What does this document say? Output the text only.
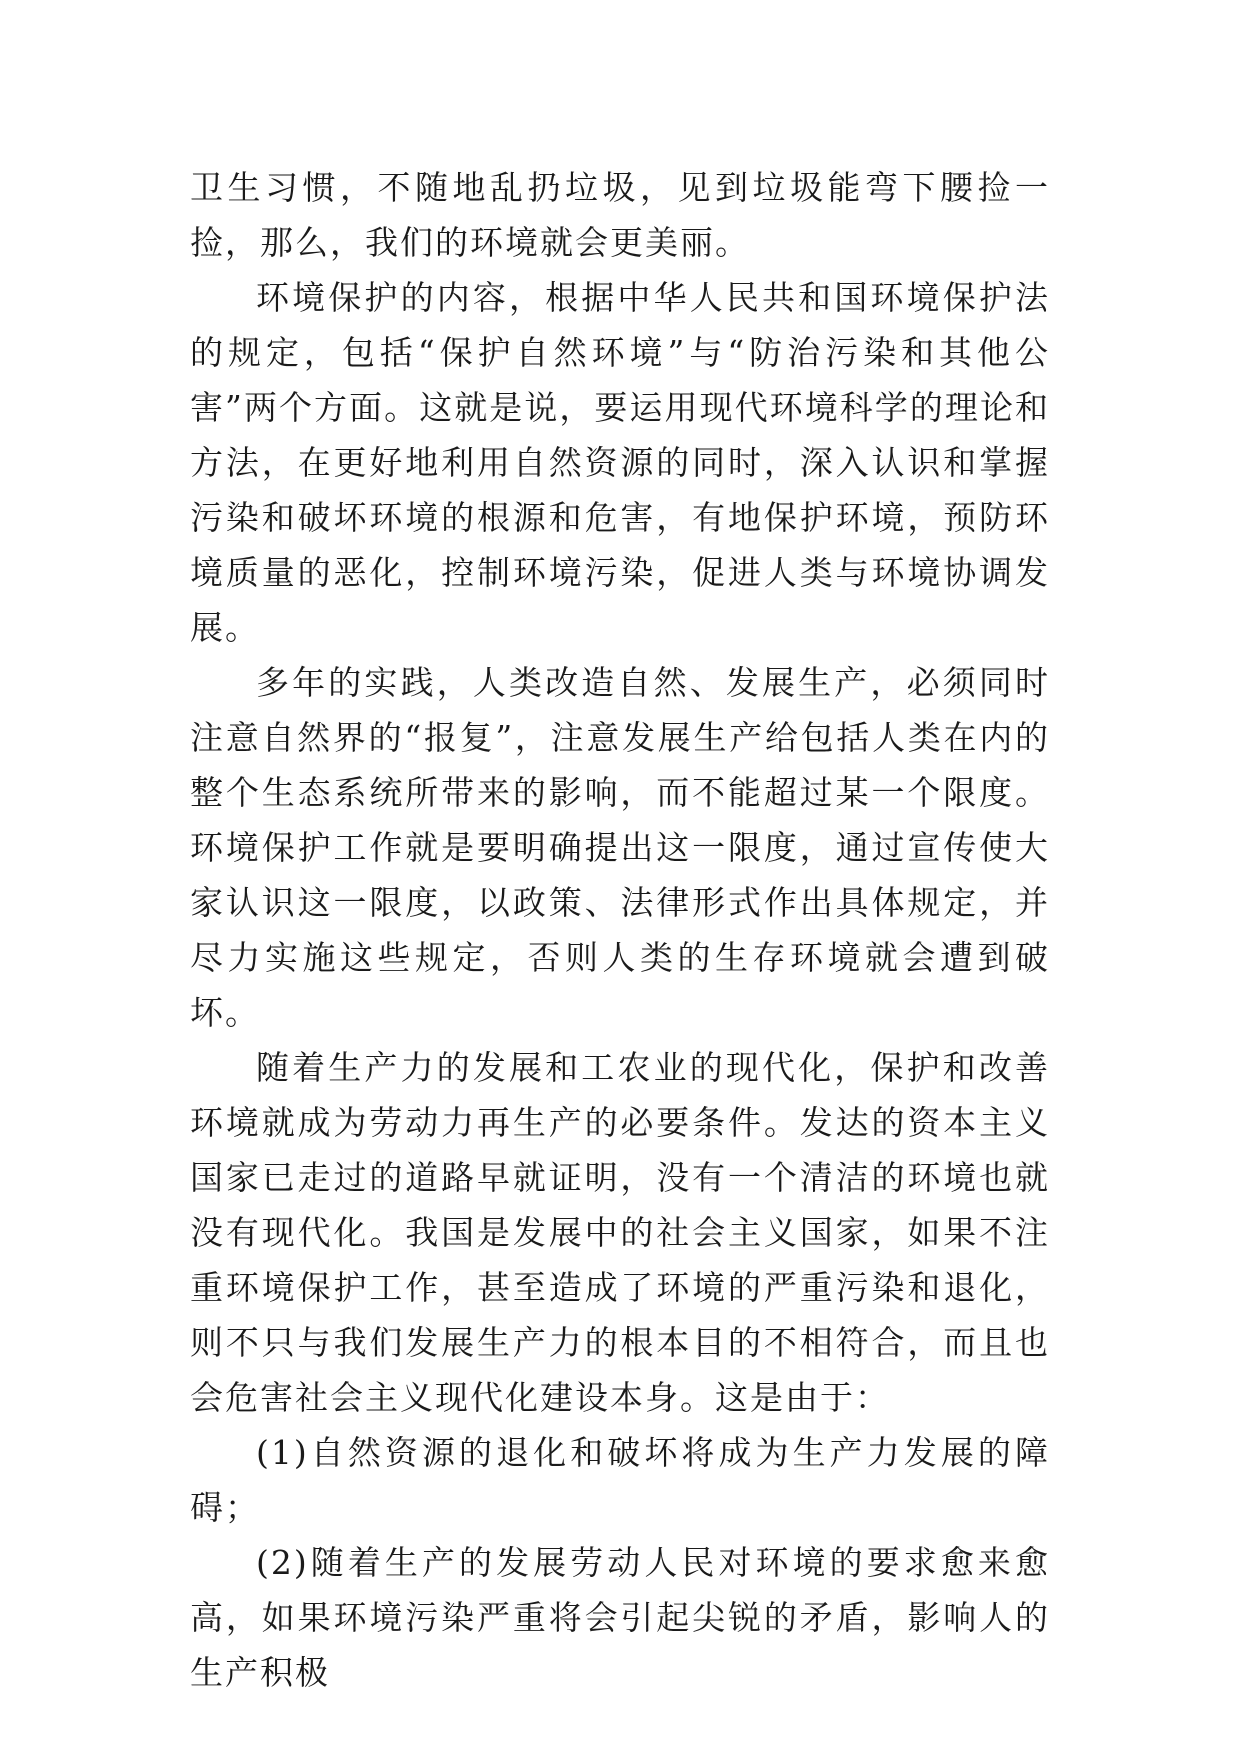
卫生习惯，不随地乱扔垃圾，见到垃圾能弯下腰捡一捡，那么，我们的环境就会更美丽。

环境保护的内容，根据中华人民共和国环境保护法的规定，包括“保护自然环境”与“防治污染和其他公害”两个方面。这就是说，要运用现代环境科学的理论和方法，在更好地利用自然资源的同时，深入认识和掌握污染和破坏环境的根源和危害，有地保护环境，预防环境质量的恶化，控制环境污染，促进人类与环境协调发展。

多年的实践，人类改造自然、发展生产，必须同时注意自然界的“报复”，注意发展生产给包括人类在内的整个生态系统所带来的影响，而不能超过某一个限度。环境保护工作就是要明确提出这一限度，通过宣传使大家认识这一限度，以政策、法律形式作出具体规定，并尽力实施这些规定，否则人类的生存环境就会遭到破坏。

随着生产力的发展和工农业的现代化，保护和改善环境就成为劳动力再生产的必要条件。发达的资本主义国家已走过的道路早就证明，没有一个清洁的环境也就没有现代化。我国是发展中的社会主义国家，如果不注重环境保护工作，甚至造成了环境的严重污染和退化，则不只与我们发展生产力的根本目的不相符合，而且也会危害社会主义现代化建设本身。这是由于：

(1)自然资源的退化和破坏将成为生产力发展的障碍；

(2)随着生产的发展劳动人民对环境的要求愈来愈高，如果环境污染严重将会引起尖锐的矛盾，影响人的生产积极
